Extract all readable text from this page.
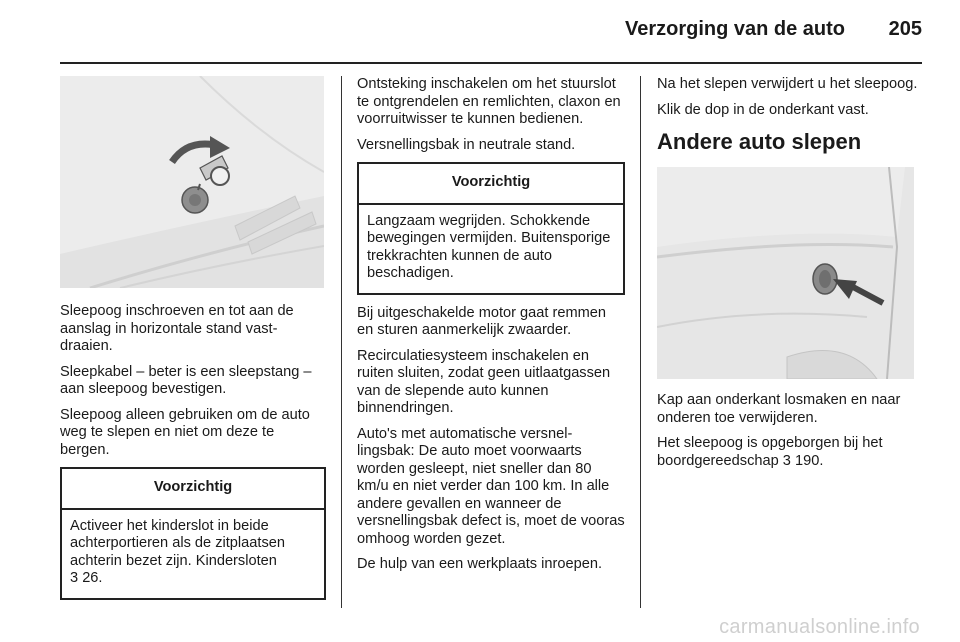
Verzorging van de auto	205

Sleepoog inschroeven en tot aan de aanslag in horizontale stand vastdraaien.

Sleepkabel – beter is een sleepstang – aan sleepoog bevestigen.

Sleepoog alleen gebruiken om de auto weg te slepen en niet om deze te bergen.

Voorzichtig
Activeer het kinderslot in beide achterportieren als de zitplaatsen achterin bezet zijn. Kindersloten
3 26.

Ontsteking inschakelen om het stuurslot te ontgrendelen en remlichten, claxon en voorruitwisser te kunnen bedienen.

Versnellingsbak in neutrale stand.

Voorzichtig
Langzaam wegrijden. Schokkende bewegingen vermijden. Buitensporige trekkrachten kunnen de auto beschadigen.

Bij uitgeschakelde motor gaat remmen en sturen aanmerkelijk zwaarder.

Recirculatiesysteem inschakelen en ruiten sluiten, zodat geen uitlaatgassen van de slepende auto kunnen binnendringen.

Auto's met automatische versnellingsbak: De auto moet voorwaarts worden gesleept, niet sneller dan 80 km/u en niet verder dan 100 km. In alle andere gevallen en wanneer de versnellingsbak defect is, moet de vooras omhoog worden gezet.

De hulp van een werkplaats inroepen.

Na het slepen verwijdert u het sleepoog.

Klik de dop in de onderkant vast.

Andere auto slepen

Kap aan onderkant losmaken en naar onderen toe verwijderen.

Het sleepoog is opgeborgen bij het boordgereedschap 3 190.

carmanualsonline.info
